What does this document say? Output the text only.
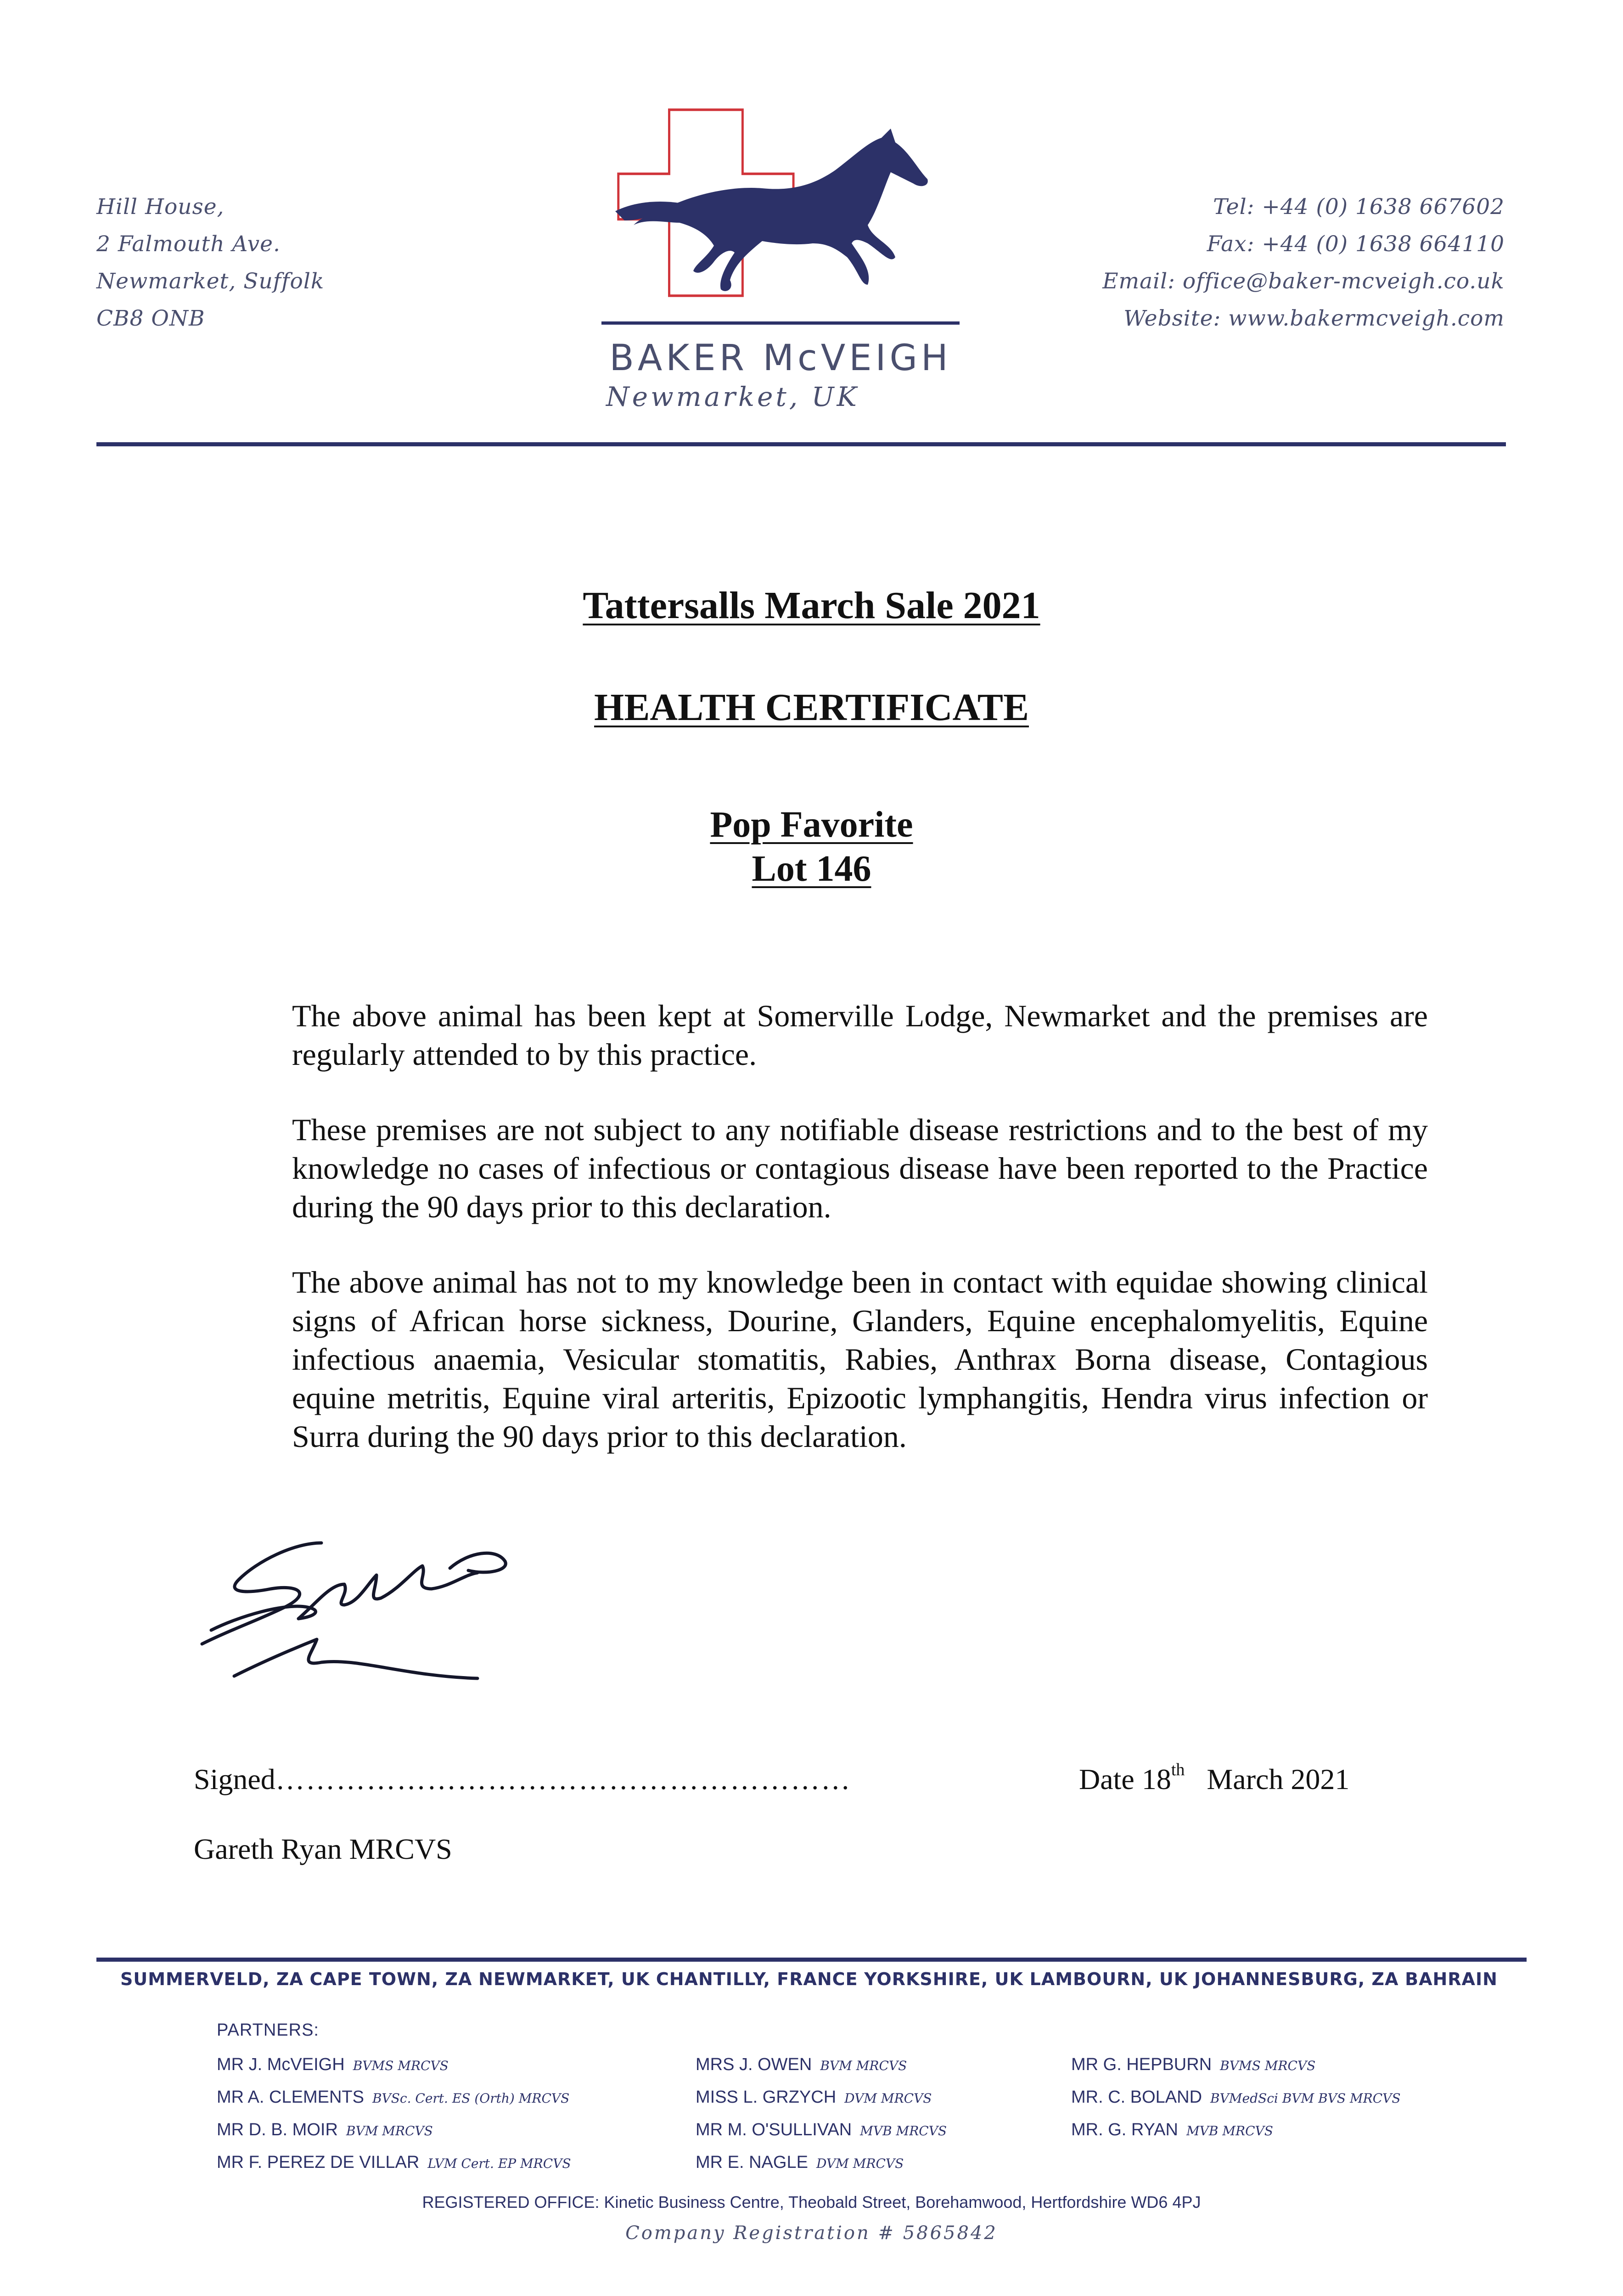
Hill House,
2 Falmouth Ave.
Newmarket, Suffolk
CB8 ONB
Tel: +44 (0) 1638 667602
Fax: +44 (0) 1638 664110
Email: office@baker-mcveigh.co.uk
Website: www.bakermcveigh.com
BAKER McVEIGH
Newmarket, UK
Tattersalls March Sale 2021
HEALTH CERTIFICATE
Pop Favorite
Lot 146

The above animal has been kept at Somerville Lodge, Newmarket and the premises are regularly attended to by this practice.

These premises are not subject to any notifiable disease restrictions and to the best of my knowledge no cases of infectious or contagious disease have been reported to the Practice during the 90 days prior to this declaration.

The above animal has not to my knowledge been in contact with equidae showing clinical signs of African horse sickness, Dourine, Glanders, Equine encephalomyelitis, Equine infectious anaemia, Vesicular stomatitis, Rabies, Anthrax Borna disease, Contagious equine metritis, Equine viral arteritis, Epizootic lymphangitis, Hendra virus infection or Surra during the 90 days prior to this declaration.

Signed…………………………………………………	Date 18th March 2021
Gareth Ryan MRCVS
SUMMERVELD, ZA CAPE TOWN, ZA NEWMARKET, UK CHANTILLY, FRANCE YORKSHIRE, UK LAMBOURN, UK JOHANNESBURG, ZA BAHRAIN
PARTNERS:
MR J. McVEIGH BVMS MRCVS
MR A. CLEMENTS BVSc. Cert. ES (Orth) MRCVS
MR D. B. MOIR BVM MRCVS
MR F. PEREZ DE VILLAR LVM Cert. EP MRCVS
MRS J. OWEN BVM MRCVS
MISS L. GRZYCH DVM MRCVS
MR M. O'SULLIVAN MVB MRCVS
MR E. NAGLE DVM MRCVS
MR G. HEPBURN BVMS MRCVS
MR. C. BOLAND BVMedSci BVM BVS MRCVS
MR. G. RYAN MVB MRCVS
REGISTERED OFFICE: Kinetic Business Centre, Theobald Street, Borehamwood, Hertfordshire WD6 4PJ
Company Registration # 5865842
